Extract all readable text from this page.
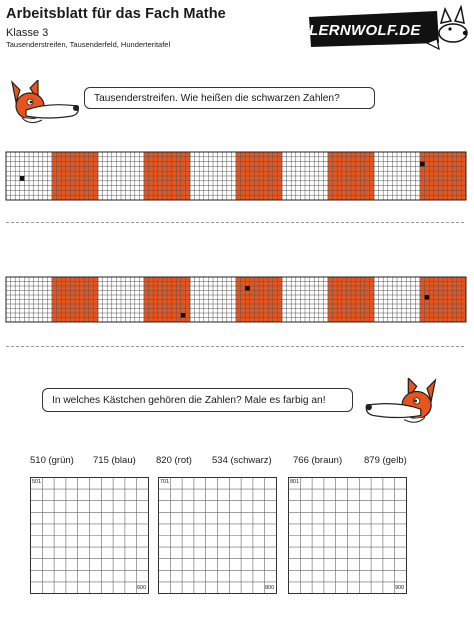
Arbeitsblatt für das Fach Mathe
Klasse 3
Tausenderstreifen, Tausenderfeld, Hunderteritafel
LERNWOLF.DE
Tausenderstreifen. Wie heißen die schwarzen Zahlen?
In welches Kästchen gehören die Zahlen? Male es farbig an!
510 (grün) 715 (blau) 820 (rot) 534 (schwarz) 766 (braun) 879 (gelb)
501
600
701
800
801
900
